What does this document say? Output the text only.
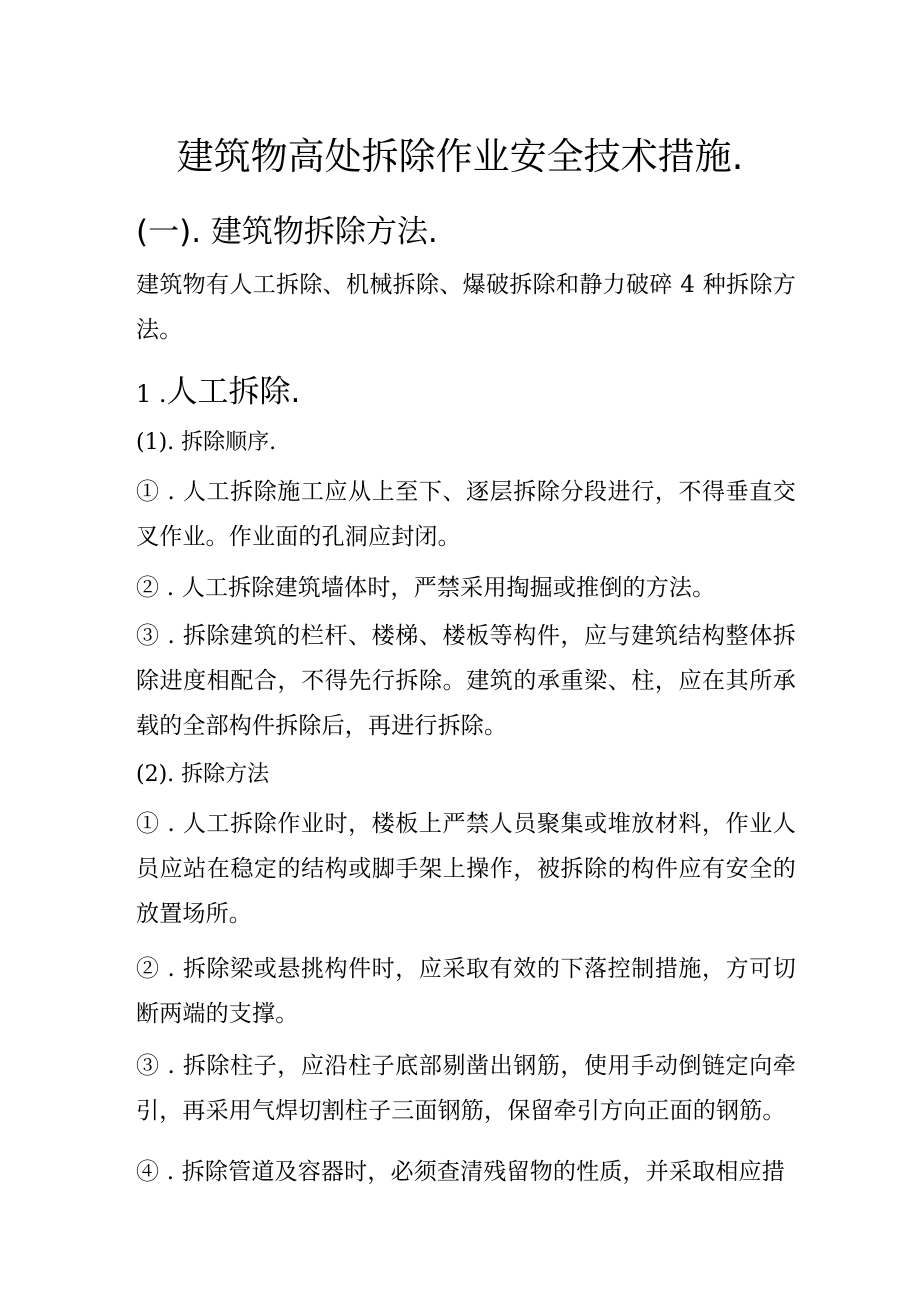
建筑物高处拆除作业安全技术措施.
(一). 建筑物拆除方法.
建筑物有人工拆除、机械拆除、爆破拆除和静力破碎 4 种拆除方法。
1 .人工拆除.
(1). 拆除顺序.
① . 人工拆除施工应从上至下、逐层拆除分段进行，不得垂直交叉作业。作业面的孔洞应封闭。
② . 人工拆除建筑墙体时，严禁采用掏掘或推倒的方法。
③ . 拆除建筑的栏杆、楼梯、楼板等构件，应与建筑结构整体拆除进度相配合，不得先行拆除。建筑的承重梁、柱，应在其所承载的全部构件拆除后，再进行拆除。
(2). 拆除方法
① . 人工拆除作业时，楼板上严禁人员聚集或堆放材料，作业人员应站在稳定的结构或脚手架上操作，被拆除的构件应有安全的放置场所。
② . 拆除梁或悬挑构件时，应采取有效的下落控制措施，方可切断两端的支撑。
③ . 拆除柱子，应沿柱子底部剔凿出钢筋，使用手动倒链定向牵引，再采用气焊切割柱子三面钢筋，保留牵引方向正面的钢筋。
④ . 拆除管道及容器时，必须查清残留物的性质，并采取相应措
